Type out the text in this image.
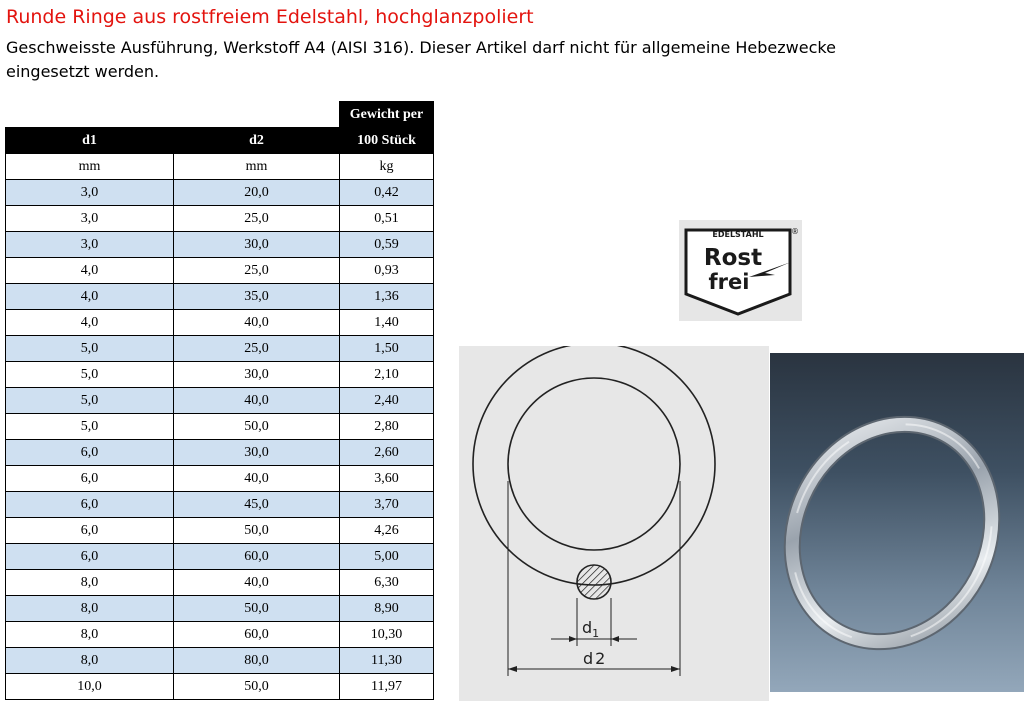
Runde Ringe aus rostfreiem Edelstahl, hochglanzpoliert
Geschweisste Ausführung, Werkstoff A4 (AISI 316). Dieser Artikel darf nicht für allgemeine Hebezwecke eingesetzt werden.
		Gewicht per
d1	d2	100 Stück
mm	mm	kg
3,0	20,0	0,42
3,0	25,0	0,51
3,0	30,0	0,59
4,0	25,0	0,93
4,0	35,0	1,36
4,0	40,0	1,40
5,0	25,0	1,50
5,0	30,0	2,10
5,0	40,0	2,40
5,0	50,0	2,80
6,0	30,0	2,60
6,0	40,0	3,60
6,0	45,0	3,70
6,0	50,0	4,26
6,0	60,0	5,00
8,0	40,0	6,30
8,0	50,0	8,90
8,0	60,0	10,30
8,0	80,0	11,30
10,0	50,0	11,97
EDELSTAHL
Rost
frei
®
$d_1$
d 2
